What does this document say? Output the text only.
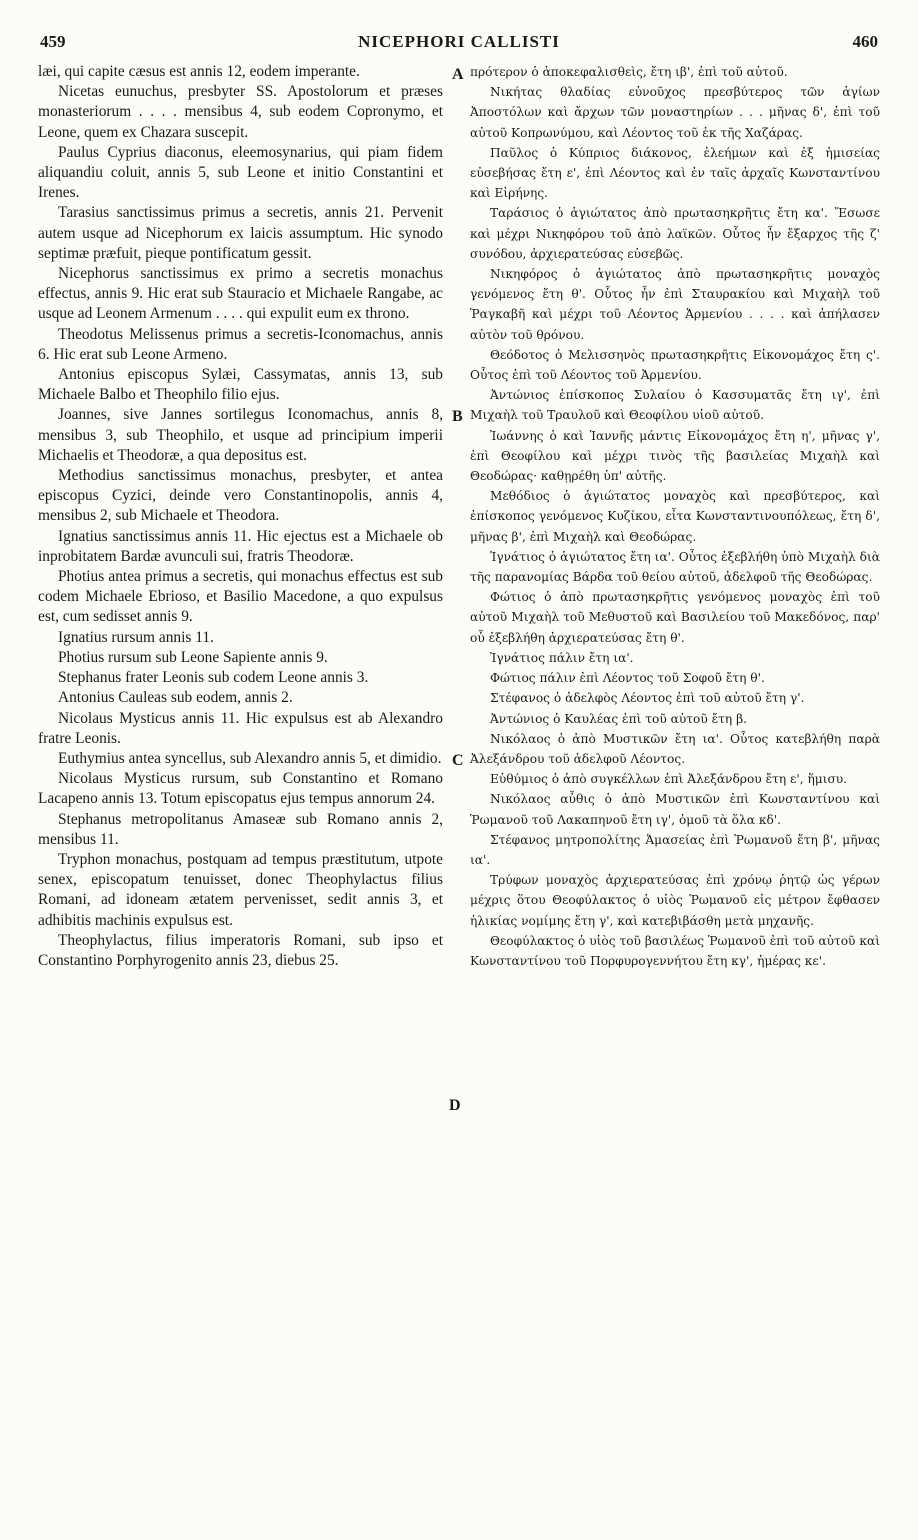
459	NICEPHORI CALLISTI	460
A
B
C
D

læi, qui capite cæsus est annis 12, eodem imperante.

Nicetas eunuchus, presbyter SS. Apostolorum et præses monasteriorum . . . . mensibus 4, sub eodem Copronymo, et Leone, quem ex Chazara suscepit.

Paulus Cyprius diaconus, eleemosynarius, qui piam fidem aliquandiu coluit, annis 5, sub Leone et initio Constantini et Irenes.

Tarasius sanctissimus primus a secretis, annis 21. Pervenit autem usque ad Nicephorum ex laicis assumptum. Hic synodo septimæ præfuit, pieque pontificatum gessit.

Nicephorus sanctissimus ex primo a secretis monachus effectus, annis 9. Hic erat sub Stauracio et Michaele Rangabe, ac usque ad Leonem Armenum . . . . qui expulit eum ex throno.

Theodotus Melissenus primus a secretis-Iconomachus, annis 6. Hic erat sub Leone Armeno.

Antonius episcopus Sylæi, Cassymatas, annis 13, sub Michaele Balbo et Theophilo filio ejus.

Joannes, sive Jannes sortilegus Iconomachus, annis 8, mensibus 3, sub Theophilo, et usque ad principium imperii Michaelis et Theodoræ, a qua depositus est.

Methodius sanctissimus monachus, presbyter, et antea episcopus Cyzici, deinde vero Constantinopolis, annis 4, mensibus 2, sub Michaele et Theodora.

Ignatius sanctissimus annis 11. Hic ejectus est a Michaele ob inprobitatem Bardæ avunculi sui, fratris Theodoræ.

Photius antea primus a secretis, qui monachus effectus est sub codem Michaele Ebrioso, et Basilio Macedone, a quo expulsus est, cum sedisset annis 9.

Ignatius rursum annis 11.

Photius rursum sub Leone Sapiente annis 9.

Stephanus frater Leonis sub codem Leone annis 3.

Antonius Cauleas sub eodem, annis 2.

Nicolaus Mysticus annis 11. Hic expulsus est ab Alexandro fratre Leonis.

Euthymius antea syncellus, sub Alexandro annis 5, et dimidio.

Nicolaus Mysticus rursum, sub Constantino et Romano Lacapeno annis 13. Totum episcopatus ejus tempus annorum 24.

Stephanus metropolitanus Amaseæ sub Romano annis 2, mensibus 11.

Tryphon monachus, postquam ad tempus præstitutum, utpote senex, episcopatum tenuisset, donec Theophylactus filius Romani, ad idoneam ætatem pervenisset, sedit annis 3, et adhibitis machinis expulsus est.

Theophylactus, filius imperatoris Romani, sub ipso et Constantino Porphyrogenito annis 23, diebus 25.

πρότερον ὁ ἀποκεφαλισθεὶς, ἔτη ιβ', ἐπὶ τοῦ αὐτοῦ.

Νικήτας θλαδίας εὐνοῦχος πρεσβύτερος τῶν ἁγίων Ἀποστόλων καὶ ἄρχων τῶν μοναστηρίων . . . μῆνας δ', ἐπὶ τοῦ αὐτοῦ Κοπρωνύμου, καὶ Λέοντος τοῦ ἐκ τῆς Χαζάρας.

Παῦλος ὁ Κύπριος διάκονος, ἐλεήμων καὶ ἐξ ἡμισείας εὐσεβήσας ἔτη ε', ἐπὶ Λέοντος καὶ ἐν ταῖς ἀρχαῖς Κωνσταντίνου καὶ Εἰρήνης.

Ταράσιος ὁ ἁγιώτατος ἀπὸ πρωτασηκρῆτις ἔτη κα'. Ἔσωσε καὶ μέχρι Νικηφόρου τοῦ ἀπὸ λαϊκῶν. Οὗτος ἦν ἔξαρχος τῆς ζ' συνόδου, ἀρχιερατεύσας εὐσεβῶς.

Νικηφόρος ὁ ἁγιώτατος ἀπὸ πρωτασηκρῆτις μοναχὸς γενόμενος ἔτη θ'. Οὗτος ἦν ἐπὶ Σταυρακίου καὶ Μιχαὴλ τοῦ Ῥαγκαβῆ καὶ μέχρι τοῦ Λέοντος Ἀρμενίου . . . . καὶ ἀπήλασεν αὐτὸν τοῦ θρόνου.

Θεόδοτος ὁ Μελισσηνὸς πρωτασηκρῆτις Εἰκονομάχος ἔτη ς'. Οὗτος ἐπὶ τοῦ Λέοντος τοῦ Ἀρμενίου.

Ἀντώνιος ἐπίσκοπος Συλαίου ὁ Κασσυματᾶς ἔτη ιγ', ἐπὶ Μιχαὴλ τοῦ Τραυλοῦ καὶ Θεοφίλου υἱοῦ αὐτοῦ.

Ἰωάννης ὁ καὶ Ἰαννῆς μάντις Εἰκονομάχος ἔτη η', μῆνας γ', ἐπὶ Θεοφίλου καὶ μέχρι τινὸς τῆς βασιλείας Μιχαὴλ καὶ Θεοδώρας· καθῃρέθη ὑπ' αὐτῆς.

Μεθόδιος ὁ ἁγιώτατος μοναχὸς καὶ πρεσβύτερος, καὶ ἐπίσκοπος γενόμενος Κυζίκου, εἶτα Κωνσταντινουπόλεως, ἔτη δ', μῆνας β', ἐπὶ Μιχαὴλ καὶ Θεοδώρας.

Ἰγνάτιος ὁ ἁγιώτατος ἔτη ια'. Οὗτος ἐξεβλήθη ὑπὸ Μιχαὴλ διὰ τῆς παρανομίας Βάρδα τοῦ θείου αὐτοῦ, ἀδελφοῦ τῆς Θεοδώρας.

Φώτιος ὁ ἀπὸ πρωτασηκρῆτις γενόμενος μοναχὸς ἐπὶ τοῦ αὐτοῦ Μιχαὴλ τοῦ Μεθυστοῦ καὶ Βασιλείου τοῦ Μακεδόνος, παρ' οὗ ἐξεβλήθη ἀρχιερατεύσας ἔτη θ'.

Ἰγνάτιος πάλιν ἔτη ια'.

Φώτιος πάλιν ἐπὶ Λέοντος τοῦ Σοφοῦ ἔτη θ'.

Στέφανος ὁ ἀδελφὸς Λέοντος ἐπὶ τοῦ αὐτοῦ ἔτη γ'.

Ἀντώνιος ὁ Καυλέας ἐπὶ τοῦ αὐτοῦ ἔτη β.

Νικόλαος ὁ ἀπὸ Μυστικῶν ἔτη ια'. Οὗτος κατεβλήθη παρὰ Ἀλεξάνδρου τοῦ ἀδελφοῦ Λέοντος.

Εὐθύμιος ὁ ἀπὸ συγκέλλων ἐπὶ Ἀλεξάνδρου ἔτη ε', ἥμισυ.

Νικόλαος αὖθις ὁ ἀπὸ Μυστικῶν ἐπὶ Κωνσταντίνου καὶ Ῥωμανοῦ τοῦ Λακαπηνοῦ ἔτη ιγ', ὁμοῦ τὰ ὅλα κδ'.

Στέφανος μητροπολίτης Ἀμασείας ἐπὶ Ῥωμανοῦ ἔτη β', μῆνας ια'.

Τρύφων μοναχὸς ἀρχιερατεύσας ἐπὶ χρόνῳ ῥητῷ ὡς γέρων μέχρις ὅτου Θεοφύλακτος ὁ υἱὸς Ῥωμανοῦ εἰς μέτρον ἔφθασεν ἡλικίας νομίμης ἔτη γ', καὶ κατεβιβάσθη μετὰ μηχανῆς.

Θεοφύλακτος ὁ υἱὸς τοῦ βασιλέως Ῥωμανοῦ ἐπὶ τοῦ αὐτοῦ καὶ Κωνσταντίνου τοῦ Πορφυρογεννήτου ἔτη κγ', ἡμέρας κε'.
